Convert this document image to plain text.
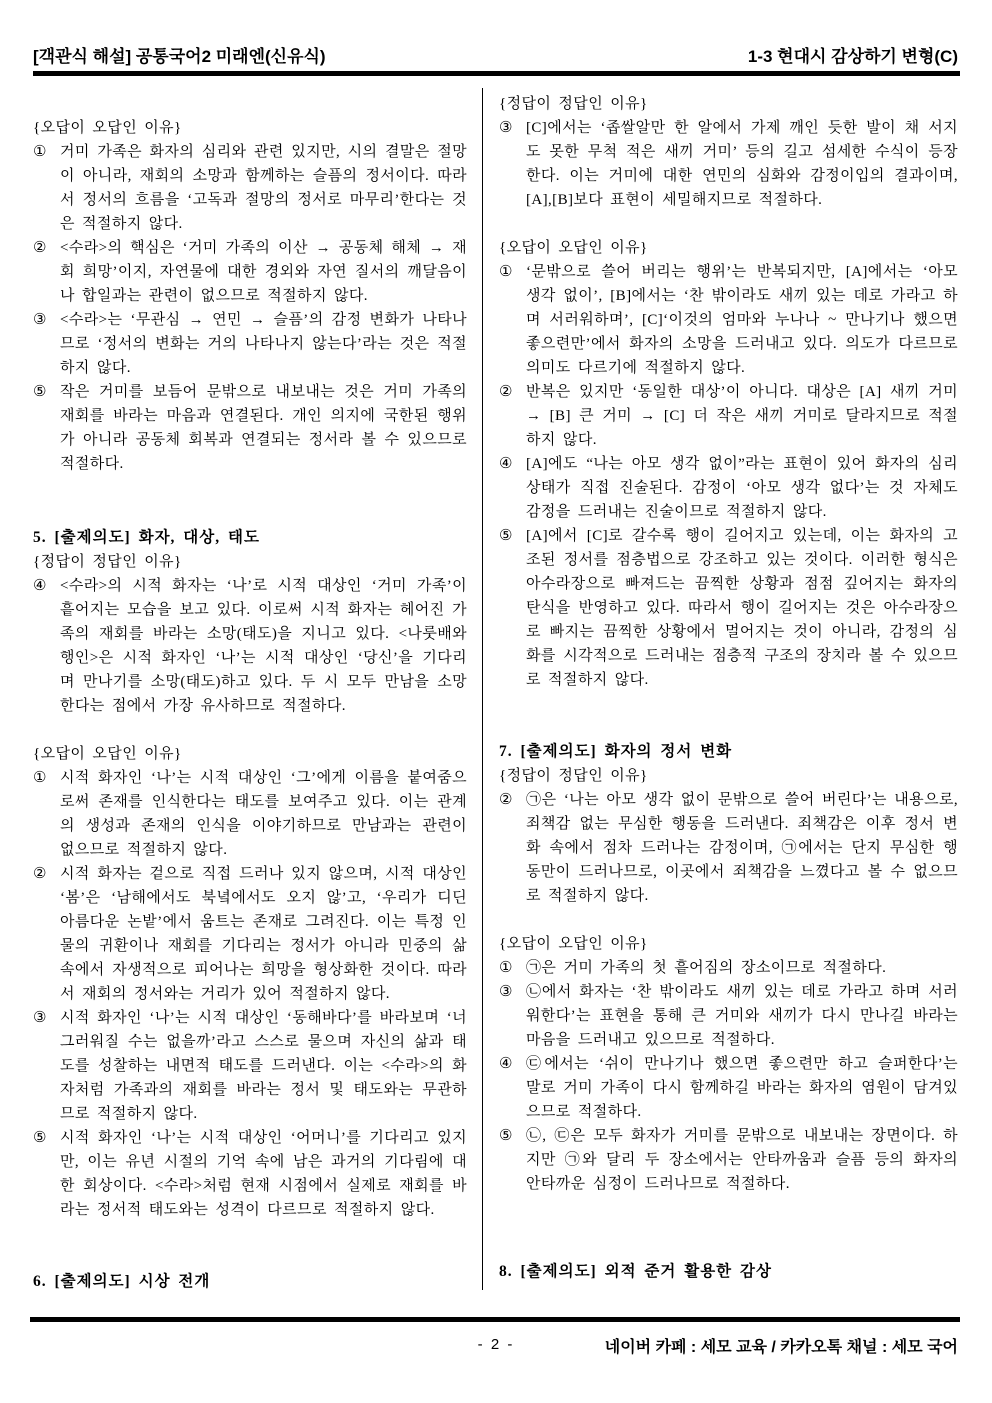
[객관식 해설] 공통국어2 미래엔(신유식)	1-3 현대시 감상하기 변형(C)
{오답이 오답인 이유}
① 거미 가족은 화자의 심리와 관련 있지만, 시의 결말은 절망이 아니라, 재회의 소망과 함께하는 슬픔의 정서이다. 따라서 정서의 흐름을 ‘고독과 절망의 정서로 마무리’한다는 것은 적절하지 않다.
② <수라>의 핵심은 ‘거미 가족의 이산 → 공동체 해체 → 재회 희망’이지, 자연물에 대한 경외와 자연 질서의 깨달음이나 합일과는 관련이 없으므로 적절하지 않다.
③ <수라>는 ‘무관심 → 연민 → 슬픔’의 감정 변화가 나타나므로 ‘정서의 변화는 거의 나타나지 않는다’라는 것은 적절하지 않다.
⑤ 작은 거미를 보듬어 문밖으로 내보내는 것은 거미 가족의 재회를 바라는 마음과 연결된다. 개인 의지에 국한된 행위가 아니라 공동체 회복과 연결되는 정서라 볼 수 있으므로 적절하다.
5. [출제의도] 화자, 대상, 태도
{정답이 정답인 이유}
④ <수라>의 시적 화자는 ‘나’로 시적 대상인 ‘거미 가족’이 흩어지는 모습을 보고 있다. 이로써 시적 화자는 헤어진 가족의 재회를 바라는 소망(태도)을 지니고 있다. <나룻배와 행인>은 시적 화자인 ‘나’는 시적 대상인 ‘당신’을 기다리며 만나기를 소망(태도)하고 있다. 두 시 모두 만남을 소망한다는 점에서 가장 유사하므로 적절하다.
{오답이 오답인 이유}
① 시적 화자인 ‘나’는 시적 대상인 ‘그’에게 이름을 붙여줌으로써 존재를 인식한다는 태도를 보여주고 있다. 이는 관계의 생성과 존재의 인식을 이야기하므로 만남과는 관련이 없으므로 적절하지 않다.
② 시적 화자는 겉으로 직접 드러나 있지 않으며, 시적 대상인 ‘봄’은 ‘남해에서도 북녘에서도 오지 않’고, ‘우리가 디딘 아름다운 논밭’에서 움트는 존재로 그려진다. 이는 특정 인물의 귀환이나 재회를 기다리는 정서가 아니라 민중의 삶 속에서 자생적으로 피어나는 희망을 형상화한 것이다. 따라서 재회의 정서와는 거리가 있어 적절하지 않다.
③ 시적 화자인 ‘나’는 시적 대상인 ‘동해바다’를 바라보며 ‘너그러워질 수는 없을까’라고 스스로 물으며 자신의 삶과 태도를 성찰하는 내면적 태도를 드러낸다. 이는 <수라>의 화자처럼 가족과의 재회를 바라는 정서 및 태도와는 무관하므로 적절하지 않다.
⑤ 시적 화자인 ‘나’는 시적 대상인 ‘어머니’를 기다리고 있지만, 이는 유년 시절의 기억 속에 남은 과거의 기다림에 대한 회상이다. <수라>처럼 현재 시점에서 실제로 재회를 바라는 정서적 태도와는 성격이 다르므로 적절하지 않다.
6. [출제의도] 시상 전개
{정답이 정답인 이유}
③ [C]에서는 ‘좁쌀알만 한 알에서 가제 깨인 듯한 발이 채 서지도 못한 무척 적은 새끼 거미’ 등의 길고 섬세한 수식이 등장한다. 이는 거미에 대한 연민의 심화와 감정이입의 결과이며, [A],[B]보다 표현이 세밀해지므로 적절하다.
{오답이 오답인 이유}
① ‘문밖으로 쓸어 버리는 행위’는 반복되지만, [A]에서는 ‘아모 생각 없이’, [B]에서는 ‘찬 밖이라도 새끼 있는 데로 가라고 하며 서러워하며’, [C]‘이것의 엄마와 누나나 ~ 만나기나 했으면 좋으련만’에서 화자의 소망을 드러내고 있다. 의도가 다르므로 의미도 다르기에 적절하지 않다.
② 반복은 있지만 ‘동일한 대상’이 아니다. 대상은 [A] 새끼 거미 → [B] 큰 거미 → [C] 더 작은 새끼 거미로 달라지므로 적절하지 않다.
④ [A]에도 “나는 아모 생각 없이”라는 표현이 있어 화자의 심리 상태가 직접 진술된다. 감정이 ‘아모 생각 없다’는 것 자체도 감정을 드러내는 진술이므로 적절하지 않다.
⑤ [A]에서 [C]로 갈수록 행이 길어지고 있는데, 이는 화자의 고조된 정서를 점층법으로 강조하고 있는 것이다. 이러한 형식은 아수라장으로 빠져드는 끔찍한 상황과 점점 깊어지는 화자의 탄식을 반영하고 있다. 따라서 행이 길어지는 것은 아수라장으로 빠지는 끔찍한 상황에서 멀어지는 것이 아니라, 감정의 심화를 시각적으로 드러내는 점층적 구조의 장치라 볼 수 있으므로 적절하지 않다.
7. [출제의도] 화자의 정서 변화
{정답이 정답인 이유}
② ㉠은 ‘나는 아모 생각 없이 문밖으로 쓸어 버린다’는 내용으로, 죄책감 없는 무심한 행동을 드러낸다. 죄책감은 이후 정서 변화 속에서 점차 드러나는 감정이며, ㉠에서는 단지 무심한 행동만이 드러나므로, 이곳에서 죄책감을 느꼈다고 볼 수 없으므로 적절하지 않다.
{오답이 오답인 이유}
① ㉠은 거미 가족의 첫 흩어짐의 장소이므로 적절하다.
③ ㉡에서 화자는 ‘찬 밖이라도 새끼 있는 데로 가라고 하며 서러워한다’는 표현을 통해 큰 거미와 새끼가 다시 만나길 바라는 마음을 드러내고 있으므로 적절하다.
④ ㉢에서는 ‘쉬이 만나기나 했으면 좋으련만 하고 슬퍼한다’는 말로 거미 가족이 다시 함께하길 바라는 화자의 염원이 담겨있으므로 적절하다.
⑤ ㉡, ㉢은 모두 화자가 거미를 문밖으로 내보내는 장면이다. 하지만 ㉠와 달리 두 장소에서는 안타까움과 슬픔 등의 화자의 안타까운 심정이 드러나므로 적절하다.
8. [출제의도] 외적 준거 활용한 감상
- 2 -	네이버 카페 : 세모 교육 / 카카오톡 채널 : 세모 국어
